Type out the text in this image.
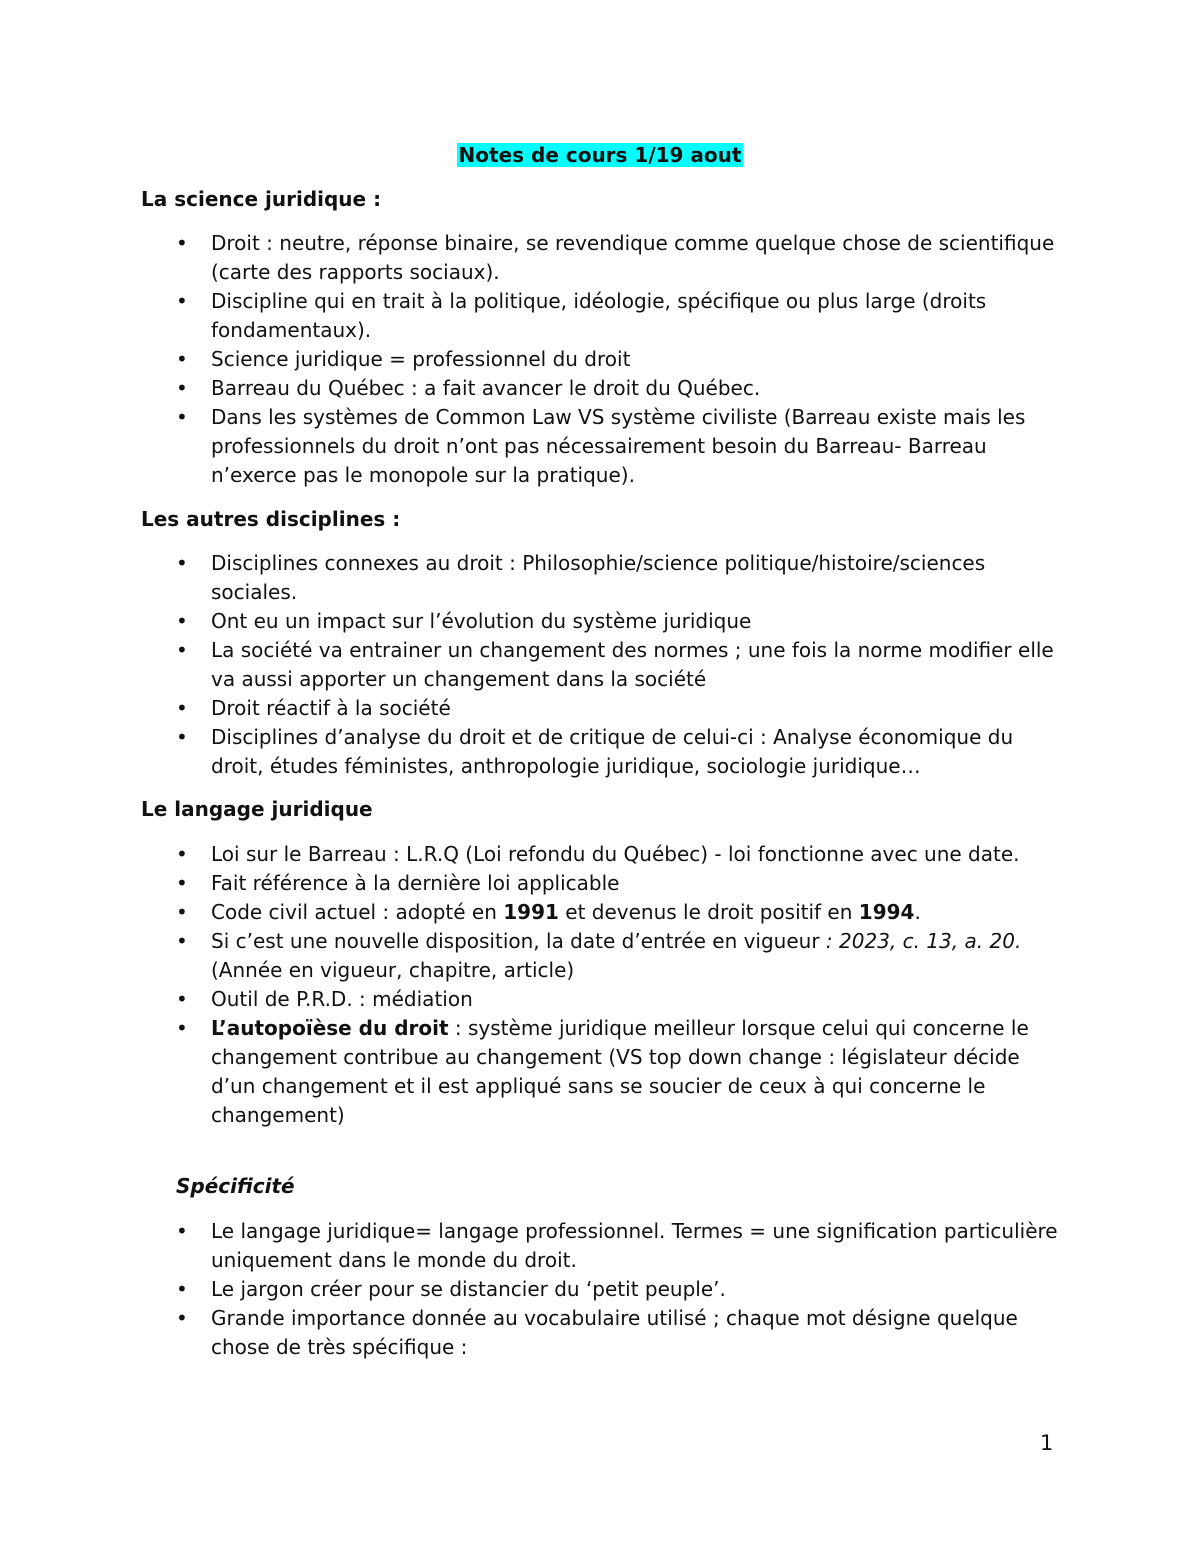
Notes de cours 1/19 aout
La science juridique :
• Droit : neutre, réponse binaire, se revendique comme quelque chose de scientifique (carte des rapports sociaux).
• Discipline qui en trait à la politique, idéologie, spécifique ou plus large (droits fondamentaux).
• Science juridique = professionnel du droit
• Barreau du Québec : a fait avancer le droit du Québec.
• Dans les systèmes de Common Law VS système civiliste (Barreau existe mais les professionnels du droit n’ont pas nécessairement besoin du Barreau- Barreau n’exerce pas le monopole sur la pratique).
Les autres disciplines :
• Disciplines connexes au droit : Philosophie/science politique/histoire/sciences sociales.
• Ont eu un impact sur l’évolution du système juridique
• La société va entrainer un changement des normes ; une fois la norme modifier elle va aussi apporter un changement dans la société
• Droit réactif à la société
• Disciplines d’analyse du droit et de critique de celui-ci : Analyse économique du droit, études féministes, anthropologie juridique, sociologie juridique…
Le langage juridique
• Loi sur le Barreau : L.R.Q (Loi refondu du Québec) - loi fonctionne avec une date.
• Fait référence à la dernière loi applicable
• Code civil actuel : adopté en 1991 et devenus le droit positif en 1994.
• Si c’est une nouvelle disposition, la date d’entrée en vigueur : 2023, c. 13, a. 20. (Année en vigueur, chapitre, article)
• Outil de P.R.D. : médiation
• L’autopoïèse du droit : système juridique meilleur lorsque celui qui concerne le changement contribue au changement (VS top down change : législateur décide d’un changement et il est appliqué sans se soucier de ceux à qui concerne le changement)
Spécificité
• Le langage juridique= langage professionnel. Termes = une signification particulière uniquement dans le monde du droit.
• Le jargon créer pour se distancier du ‘petit peuple’.
• Grande importance donnée au vocabulaire utilisé ; chaque mot désigne quelque chose de très spécifique :
1
